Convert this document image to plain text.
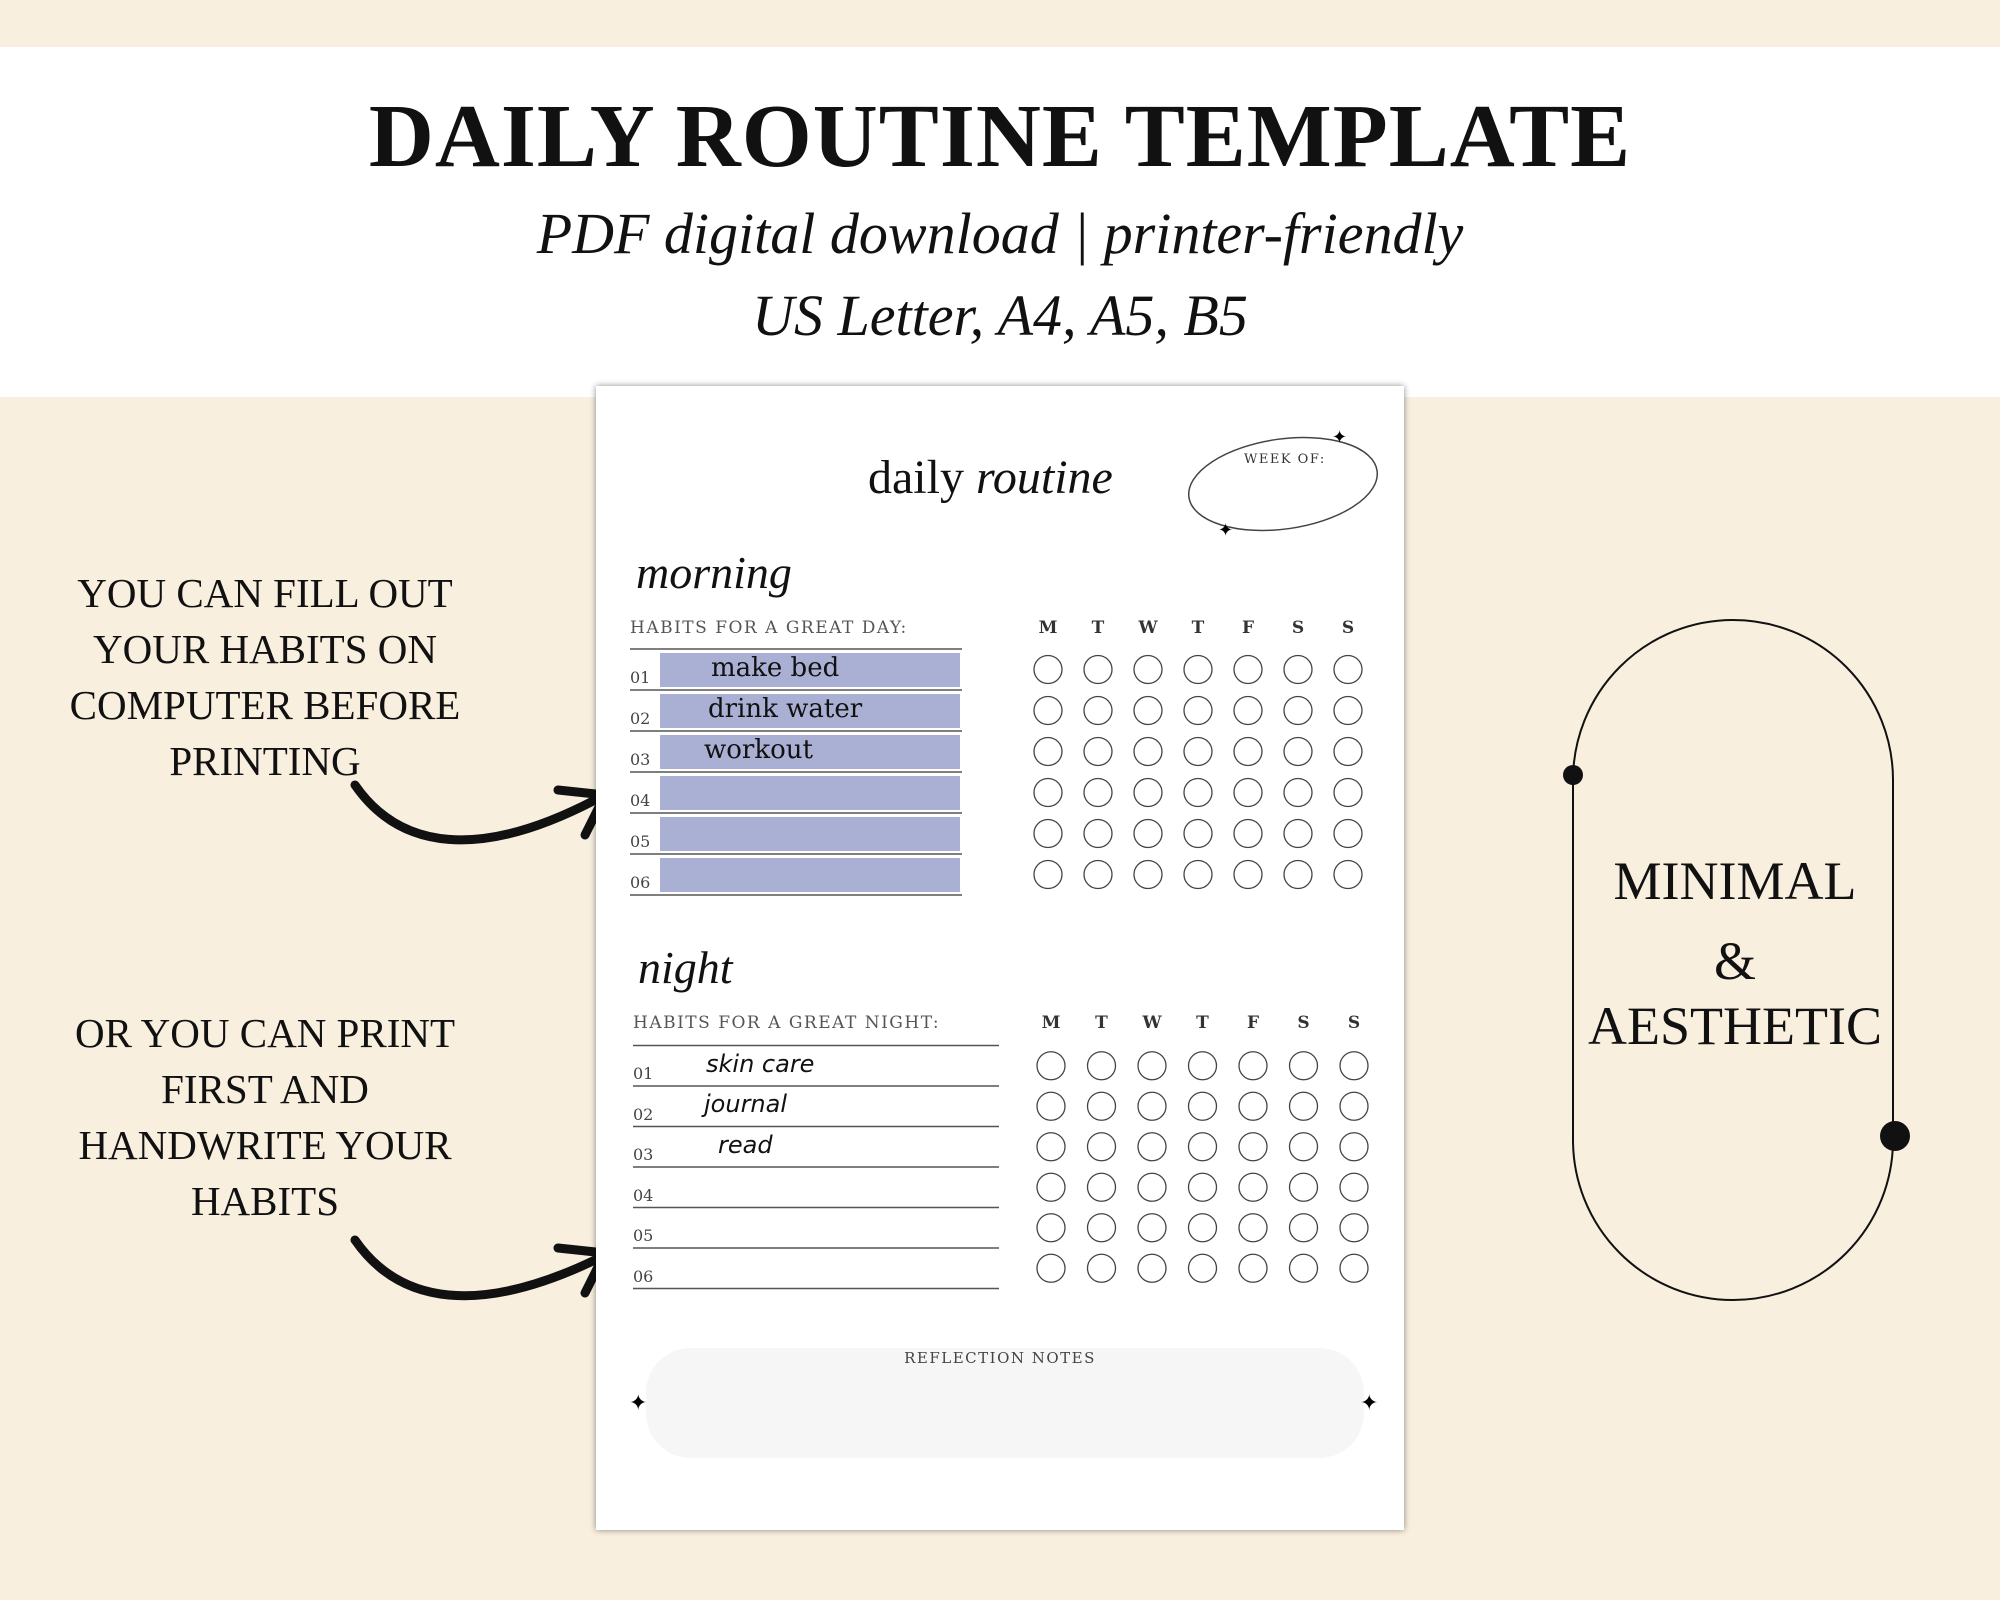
DAILY ROUTINE TEMPLATE
PDF digital download | printer-friendly
US Letter, A4, A5, B5
YOU CAN FILL OUT
YOUR HABITS ON
COMPUTER BEFORE
PRINTING
OR YOU CAN PRINT
FIRST AND
HANDWRITE YOUR
HABITS
MINIMAL
&
AESTHETIC
✦
✦
✦	✦
daily routine	WEEK OF:
morning
HABITS FOR A GREAT DAY:
night
HABITS FOR A GREAT NIGHT:
M	T	W	T	F	S	S
01 make bed
02 drink water
03 workout
04
05
06
M	T	W	T	F	S	S
01 skin care
02 journal
03	read
04
05
06
REFLECTION NOTES
